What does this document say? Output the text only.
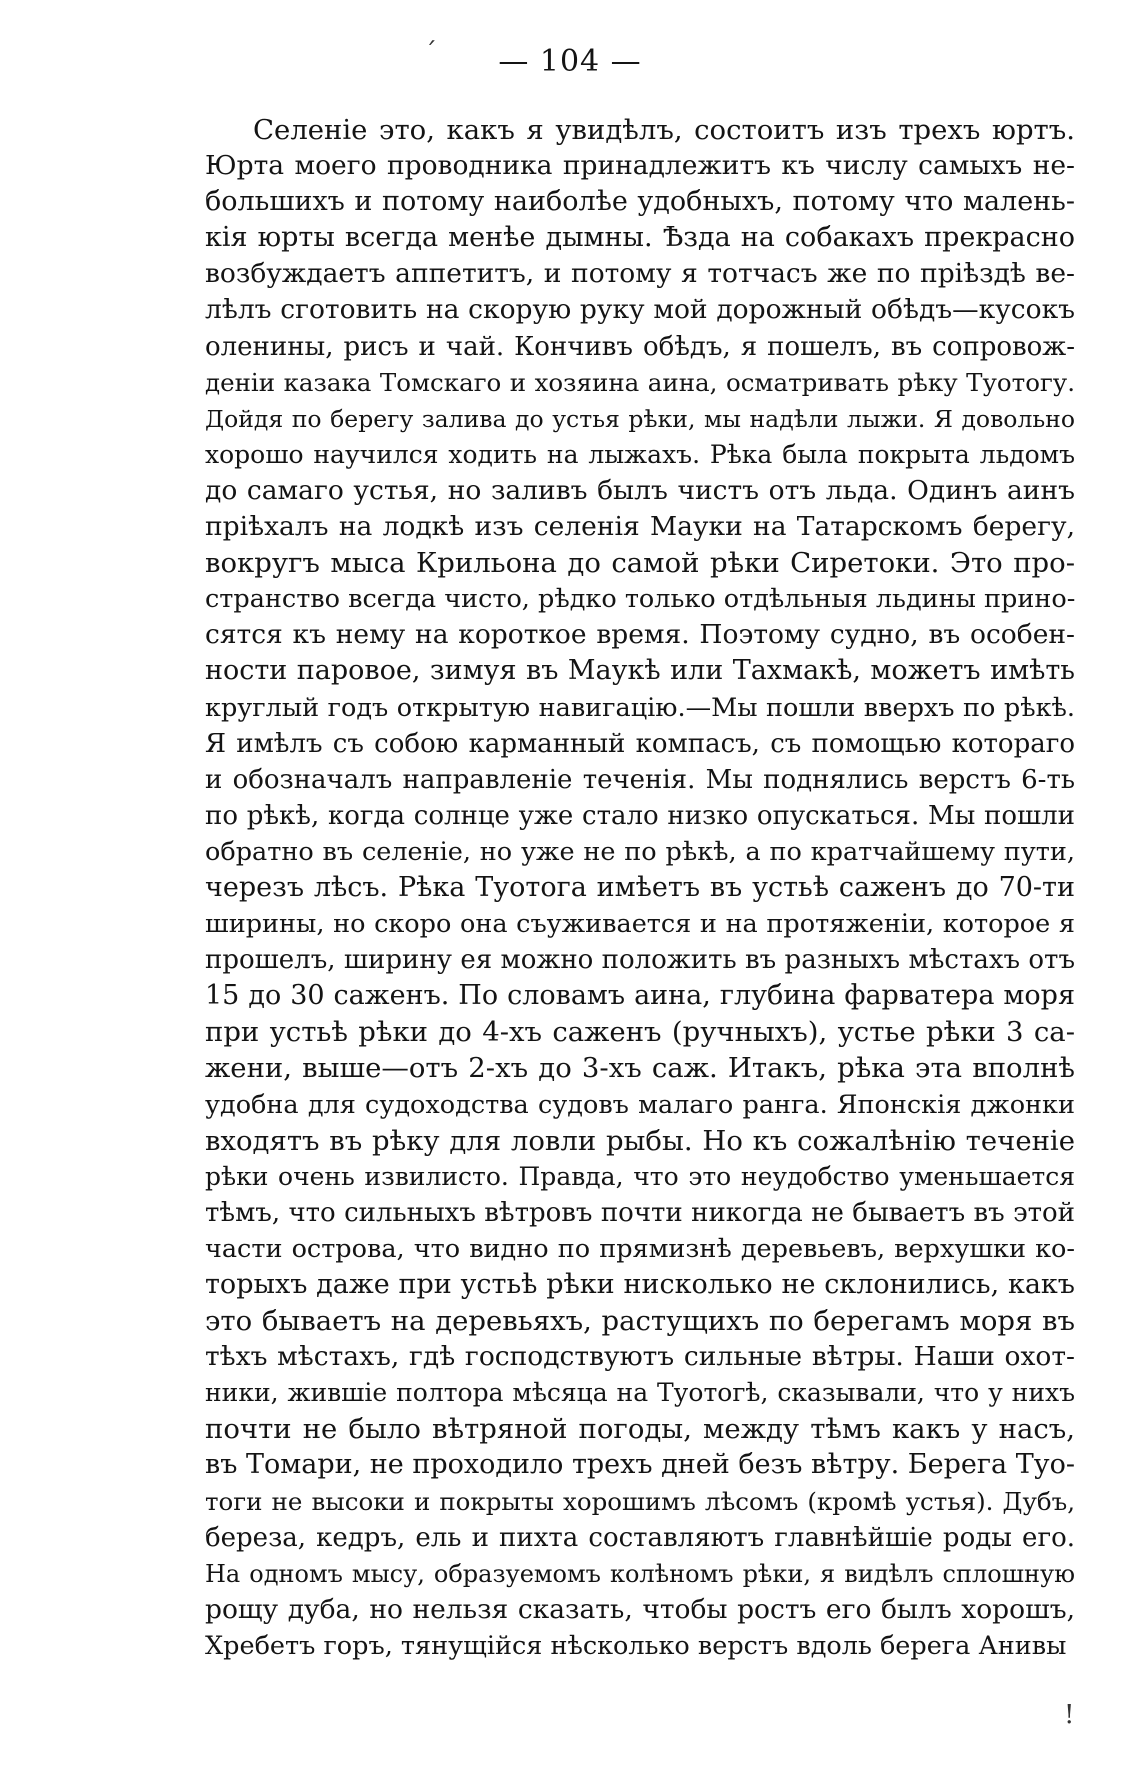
— 104 —
Селеніе это, какъ я увидѣлъ, состоитъ изъ трехъ юртъ.
Юрта моего проводника принадлежитъ къ числу самыхъ не-
большихъ и потому наиболѣе удобныхъ, потому что малень-
кія юрты всегда менѣе дымны. Ѣзда на собакахъ прекрасно
возбуждаетъ аппетитъ, и потому я тотчасъ же по пріѣздѣ ве-
лѣлъ сготовить на скорую руку мой дорожный обѣдъ—кусокъ
оленины, рисъ и чай. Кончивъ обѣдъ, я пошелъ, въ сопровож-
деніи казака Томскаго и хозяина аина, осматривать рѣку Туотогу.
Дойдя по берегу залива до устья рѣки, мы надѣли лыжи. Я довольно
хорошо научился ходить на лыжахъ. Рѣка была покрыта льдомъ
до самаго устья, но заливъ былъ чистъ отъ льда. Одинъ аинъ
пріѣхалъ на лодкѣ изъ селенія Мауки на Татарскомъ берегу,
вокругъ мыса Крильона до самой рѣки Сиретоки. Это про-
странство всегда чисто, рѣдко только отдѣльныя льдины прино-
сятся къ нему на короткое время. Поэтому судно, въ особен-
ности паровое, зимуя въ Маукѣ или Тахмакѣ, можетъ имѣть
круглый годъ открытую навигацію.—Мы пошли вверхъ по рѣкѣ.
Я имѣлъ съ собою карманный компасъ, съ помощью котораго
и обозначалъ направленіе теченія. Мы поднялись верстъ 6-ть
по рѣкѣ, когда солнце уже стало низко опускаться. Мы пошли
обратно въ селеніе, но уже не по рѣкѣ, а по кратчайшему пути,
черезъ лѣсъ. Рѣка Туотога имѣетъ въ устьѣ саженъ до 70-ти
ширины, но скоро она съуживается и на протяженіи, которое я
прошелъ, ширину ея можно положить въ разныхъ мѣстахъ отъ
15 до 30 саженъ. По словамъ аина, глубина фарватера моря
при устьѣ рѣки до 4-хъ саженъ (ручныхъ), устье рѣки 3 са-
жени, выше—отъ 2-хъ до 3-хъ саж. Итакъ, рѣка эта вполнѣ
удобна для судоходства судовъ малаго ранга. Японскія джонки
входятъ въ рѣку для ловли рыбы. Но къ сожалѣнію теченіе
рѣки очень извилисто. Правда, что это неудобство уменьшается
тѣмъ, что сильныхъ вѣтровъ почти никогда не бываетъ въ этой
части острова, что видно по прямизнѣ деревьевъ, верхушки ко-
торыхъ даже при устьѣ рѣки нисколько не склонились, какъ
это бываетъ на деревьяхъ, растущихъ по берегамъ моря въ
тѣхъ мѣстахъ, гдѣ господствуютъ сильные вѣтры. Наши охот-
ники, жившіе полтора мѣсяца на Туотогѣ, сказывали, что у нихъ
почти не было вѣтряной погоды, между тѣмъ какъ у насъ,
въ Томари, не проходило трехъ дней безъ вѣтру. Берега Туо-
тоги не высоки и покрыты хорошимъ лѣсомъ (кромѣ устья). Дубъ,
береза, кедръ, ель и пихта составляютъ главнѣйшіе роды его.
На одномъ мысу, образуемомъ колѣномъ рѣки, я видѣлъ сплошную
рощу дуба, но нельзя сказать, чтобы ростъ его былъ хорошъ,
Хребетъ горъ, тянущійся нѣсколько верстъ вдоль берега Анивы
ˊ
!
